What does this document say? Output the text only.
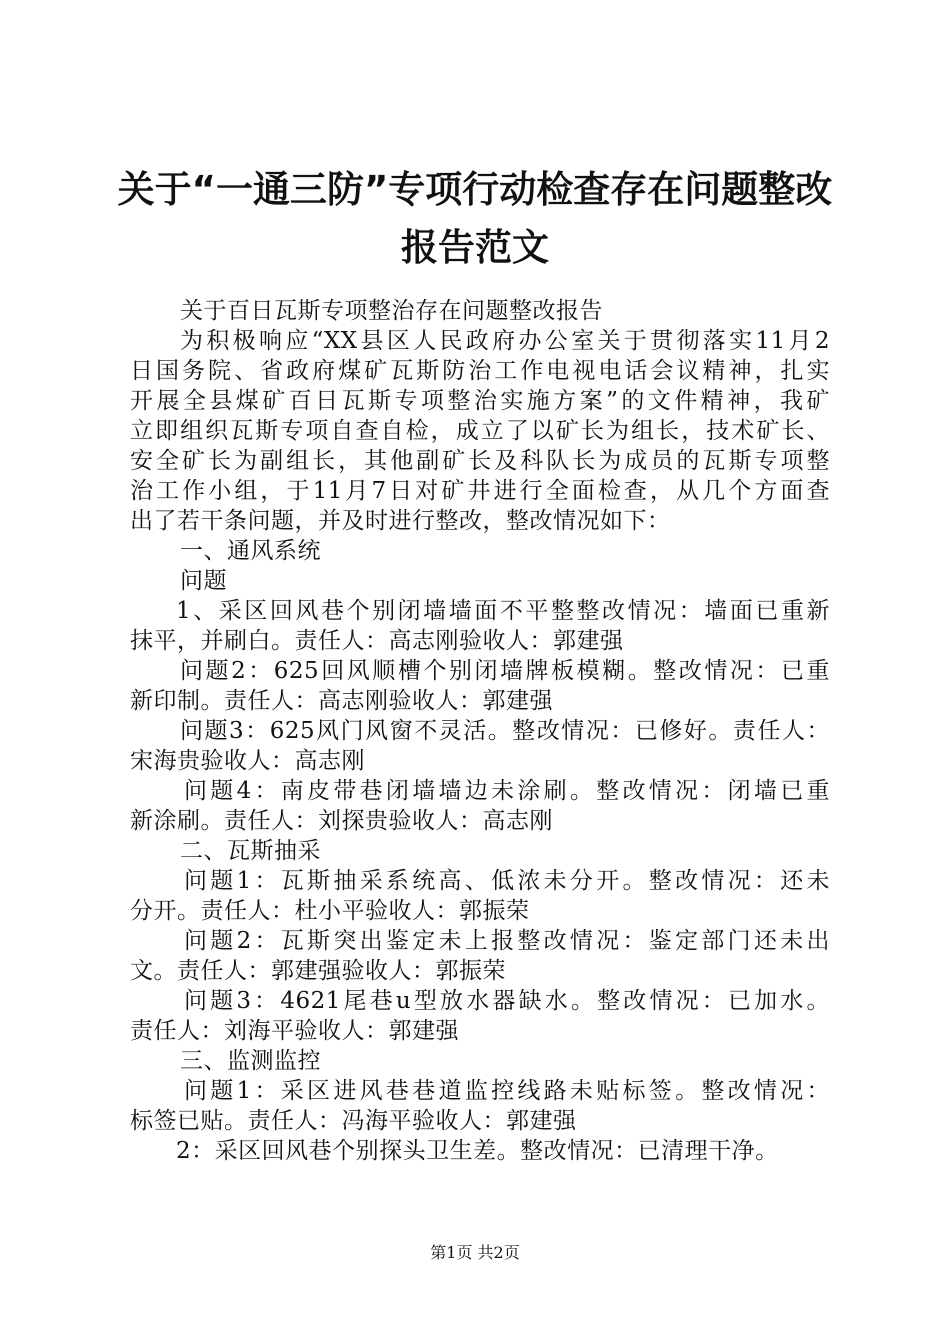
关于“一通三防”专项行动检查存在问题整改
报告范文
关于百日瓦斯专项整治存在问题整改报告
为积极响应“XX县区人民政府办公室关于贯彻落实11月2
日国务院、省政府煤矿瓦斯防治工作电视电话会议精神，扎实
开展全县煤矿百日瓦斯专项整治实施方案”的文件精神，我矿
立即组织瓦斯专项自查自检，成立了以矿长为组长，技术矿长、
安全矿长为副组长，其他副矿长及科队长为成员的瓦斯专项整
治工作小组，于11月7日对矿井进行全面检查，从几个方面查
出了若干条问题，并及时进行整改，整改情况如下：
一、通风系统
问题
1、采区回风巷个别闭墙墙面不平整整改情况：墙面已重新
抹平，并刷白。责任人：高志刚验收人：郭建强
问题2：625回风顺槽个别闭墙牌板模糊。整改情况：已重
新印制。责任人：高志刚验收人：郭建强
问题3：625风门风窗不灵活。整改情况：已修好。责任人：
宋海贵验收人：高志刚
问题4：南皮带巷闭墙墙边未涂刷。整改情况：闭墙已重
新涂刷。责任人：刘探贵验收人：高志刚
二、瓦斯抽采
问题1：瓦斯抽采系统高、低浓未分开。整改情况：还未
分开。责任人：杜小平验收人：郭振荣
问题2：瓦斯突出鉴定未上报整改情况：鉴定部门还未出
文。责任人：郭建强验收人：郭振荣
问题3：4621尾巷u型放水器缺水。整改情况：已加水。
责任人：刘海平验收人：郭建强
三、监测监控
问题1：采区进风巷巷道监控线路未贴标签。整改情况：
标签已贴。责任人：冯海平验收人：郭建强
2：采区回风巷个别探头卫生差。整改情况：已清理干净。
第1页 共2页
